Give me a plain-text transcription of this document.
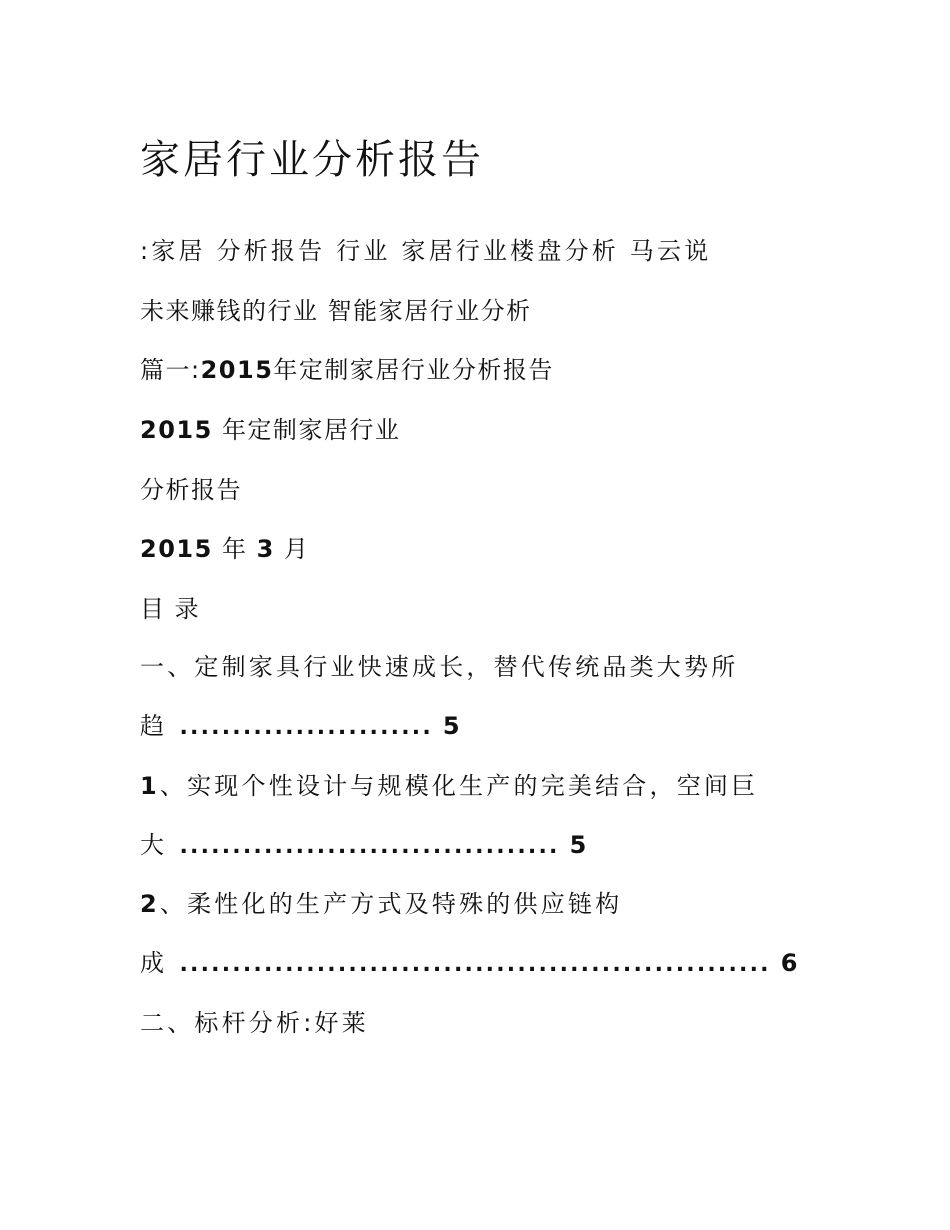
家居行业分析报告

:家居 分析报告 行业 家居行业楼盘分析 马云说

未来赚钱的行业 智能家居行业分析

篇一:2015年定制家居行业分析报告

2015 年定制家居行业

分析报告

2015 年 3 月

目 录

一、定制家具行业快速成长，替代传统品类大势所

趋 ........................ 5

1、实现个性设计与规模化生产的完美结合，空间巨

大 .................................... 5

2、柔性化的生产方式及特殊的供应链构

成 ........................................................ 6

二、标杆分析:好莱
